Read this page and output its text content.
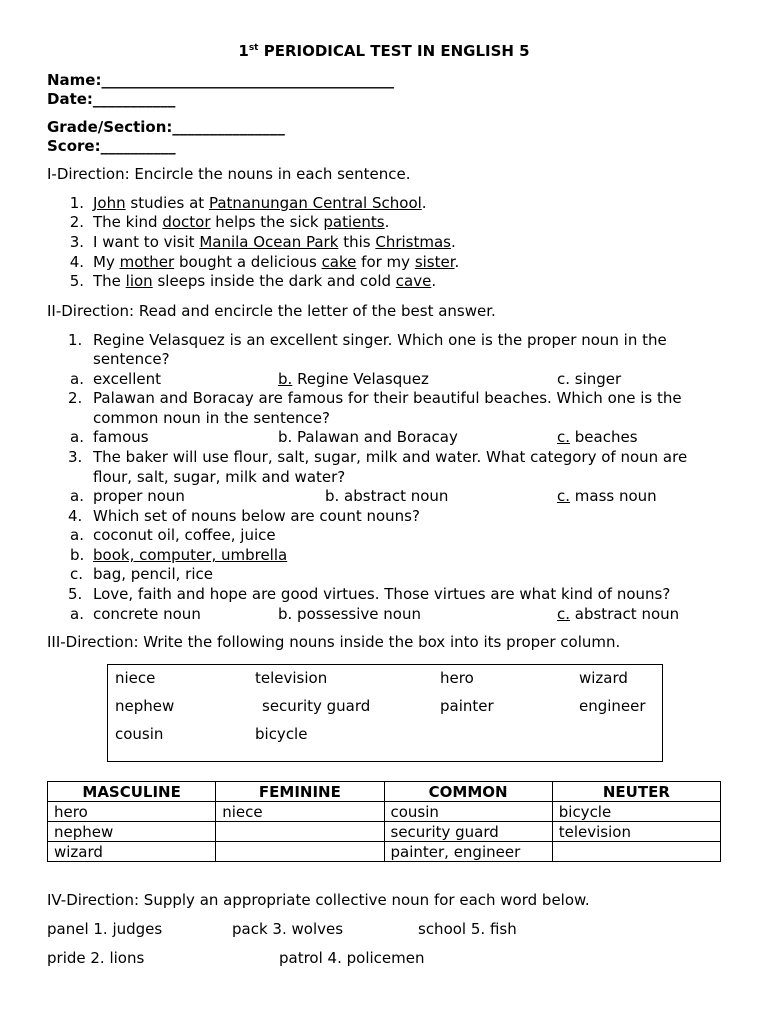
1st PERIODICAL TEST IN ENGLISH 5
Name:_______________________________________
Date:___________
Grade/Section:_______________
Score:__________
I-Direction: Encircle the nouns in each sentence.
1. John studies at Patnanungan Central School.
2. The kind doctor helps the sick patients.
3. I want to visit Manila Ocean Park this Christmas.
4. My mother bought a delicious cake for my sister.
5. The lion sleeps inside the dark and cold cave.
II-Direction: Read and encircle the letter of the best answer.
1. Regine Velasquez is an excellent singer. Which one is the proper noun in the
sentence?
a. excellent	b. Regine Velasquez	c. singer
2. Palawan and Boracay are famous for their beautiful beaches. Which one is the
common noun in the sentence?
a. famous	b. Palawan and Boracay	c. beaches
3. The baker will use flour, salt, sugar, milk and water. What category of noun are
flour, salt, sugar, milk and water?
a. proper noun	b. abstract noun	c. mass noun
4. Which set of nouns below are count nouns?
a. coconut oil, coffee, juice
b. book, computer, umbrella
c. bag, pencil, rice
5. Love, faith and hope are good virtues. Those virtues are what kind of nouns?
a. concrete noun	b. possessive noun	c. abstract noun
III-Direction: Write the following nouns inside the box into its proper column.
niece	television	hero	wizard
nephew	security guard	painter	engineer
cousin	bicycle
MASCULINE	FEMININE	COMMON	NEUTER
hero	niece	cousin	bicycle
nephew		security guard	television
wizard		painter, engineer	
IV-Direction: Supply an appropriate collective noun for each word below.
panel 1. judges	pack 3. wolves	school 5. fish
pride 2. lions	patrol 4. policemen
